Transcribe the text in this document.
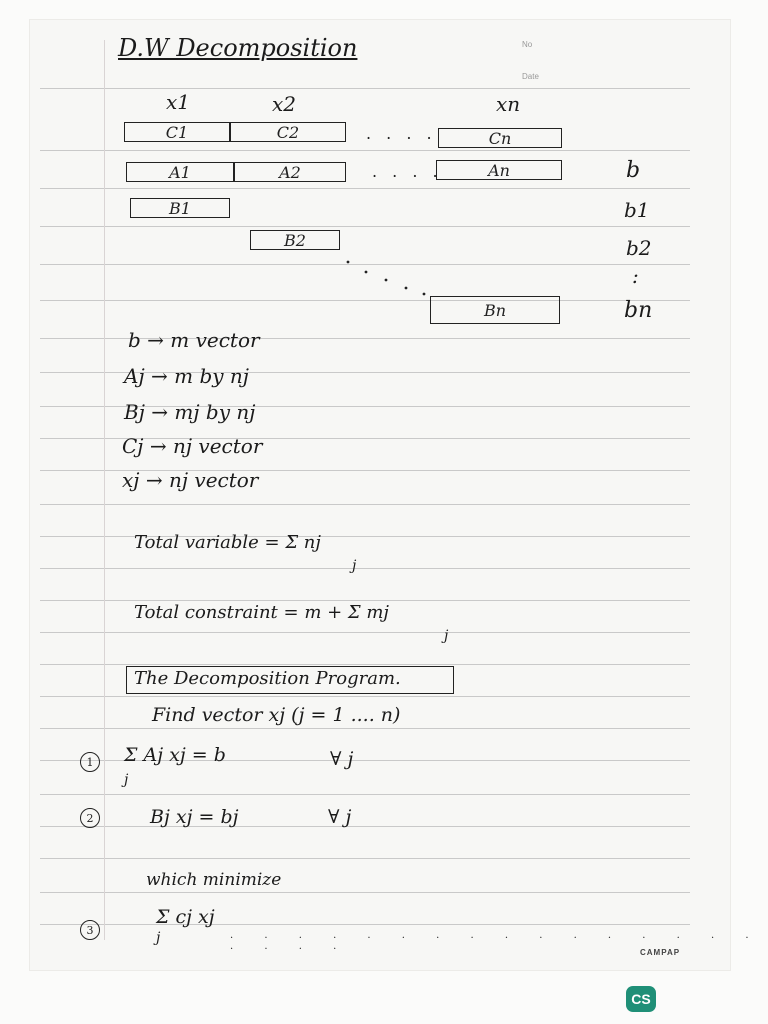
D.W Decomposition	No
Date
x1	x2	xn
C1	C2	. . . .	Cn
A1	A2	. . . .	An
B1
B2
Bn
b
b1
b2
:
bn
b → m vector
Aj → m by nj
Bj → mj by nj
Cj → nj vector
xj → nj vector
Total variable = Σ nj
j
Total constraint = m + Σ mj
j
The Decomposition Program.
Find vector xj (j = 1 .... n)
1 Σ Aj xj = b
j
∀ j
2	Bj xj = bj	∀ j
which minimize
3
Σ cj xj
j	. . . . . . . . . . . . . . . . . . . .
CAMPAP
CS
